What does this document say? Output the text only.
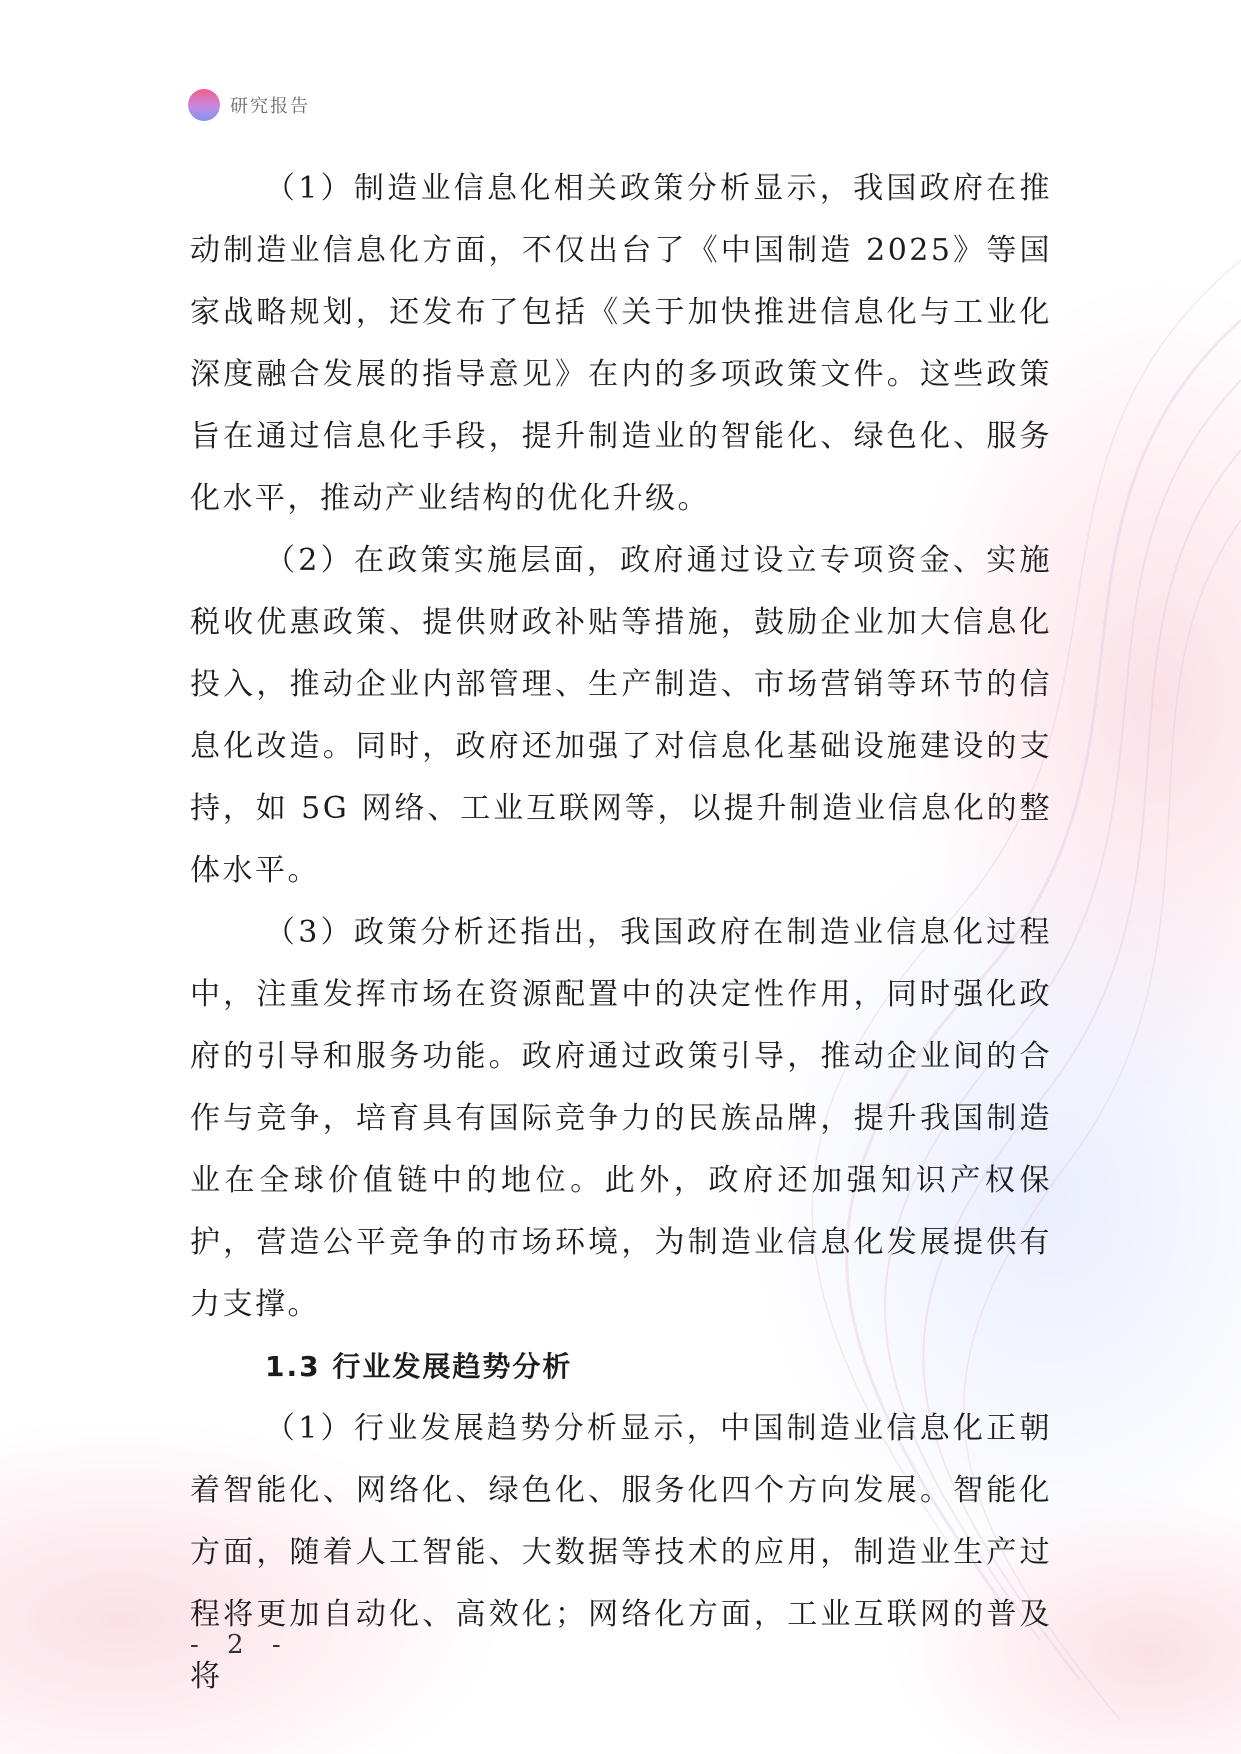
研究报告

（1）制造业信息化相关政策分析显示，我国政府在推动制造业信息化方面，不仅出台了《中国制造 2025》等国家战略规划，还发布了包括《关于加快推进信息化与工业化深度融合发展的指导意见》在内的多项政策文件。这些政策旨在通过信息化手段，提升制造业的智能化、绿色化、服务化水平，推动产业结构的优化升级。

（2）在政策实施层面，政府通过设立专项资金、实施税收优惠政策、提供财政补贴等措施，鼓励企业加大信息化投入，推动企业内部管理、生产制造、市场营销等环节的信息化改造。同时，政府还加强了对信息化基础设施建设的支持，如 5G 网络、工业互联网等，以提升制造业信息化的整体水平。

（3）政策分析还指出，我国政府在制造业信息化过程中，注重发挥市场在资源配置中的决定性作用，同时强化政府的引导和服务功能。政府通过政策引导，推动企业间的合作与竞争，培育具有国际竞争力的民族品牌，提升我国制造业在全球价值链中的地位。此外，政府还加强知识产权保护，营造公平竞争的市场环境，为制造业信息化发展提供有力支撑。

1.3 行业发展趋势分析

（1）行业发展趋势分析显示，中国制造业信息化正朝着智能化、网络化、绿色化、服务化四个方向发展。智能化方面，随着人工智能、大数据等技术的应用，制造业生产过程将更加自动化、高效化；网络化方面，工业互联网的普及将

- 2 -
